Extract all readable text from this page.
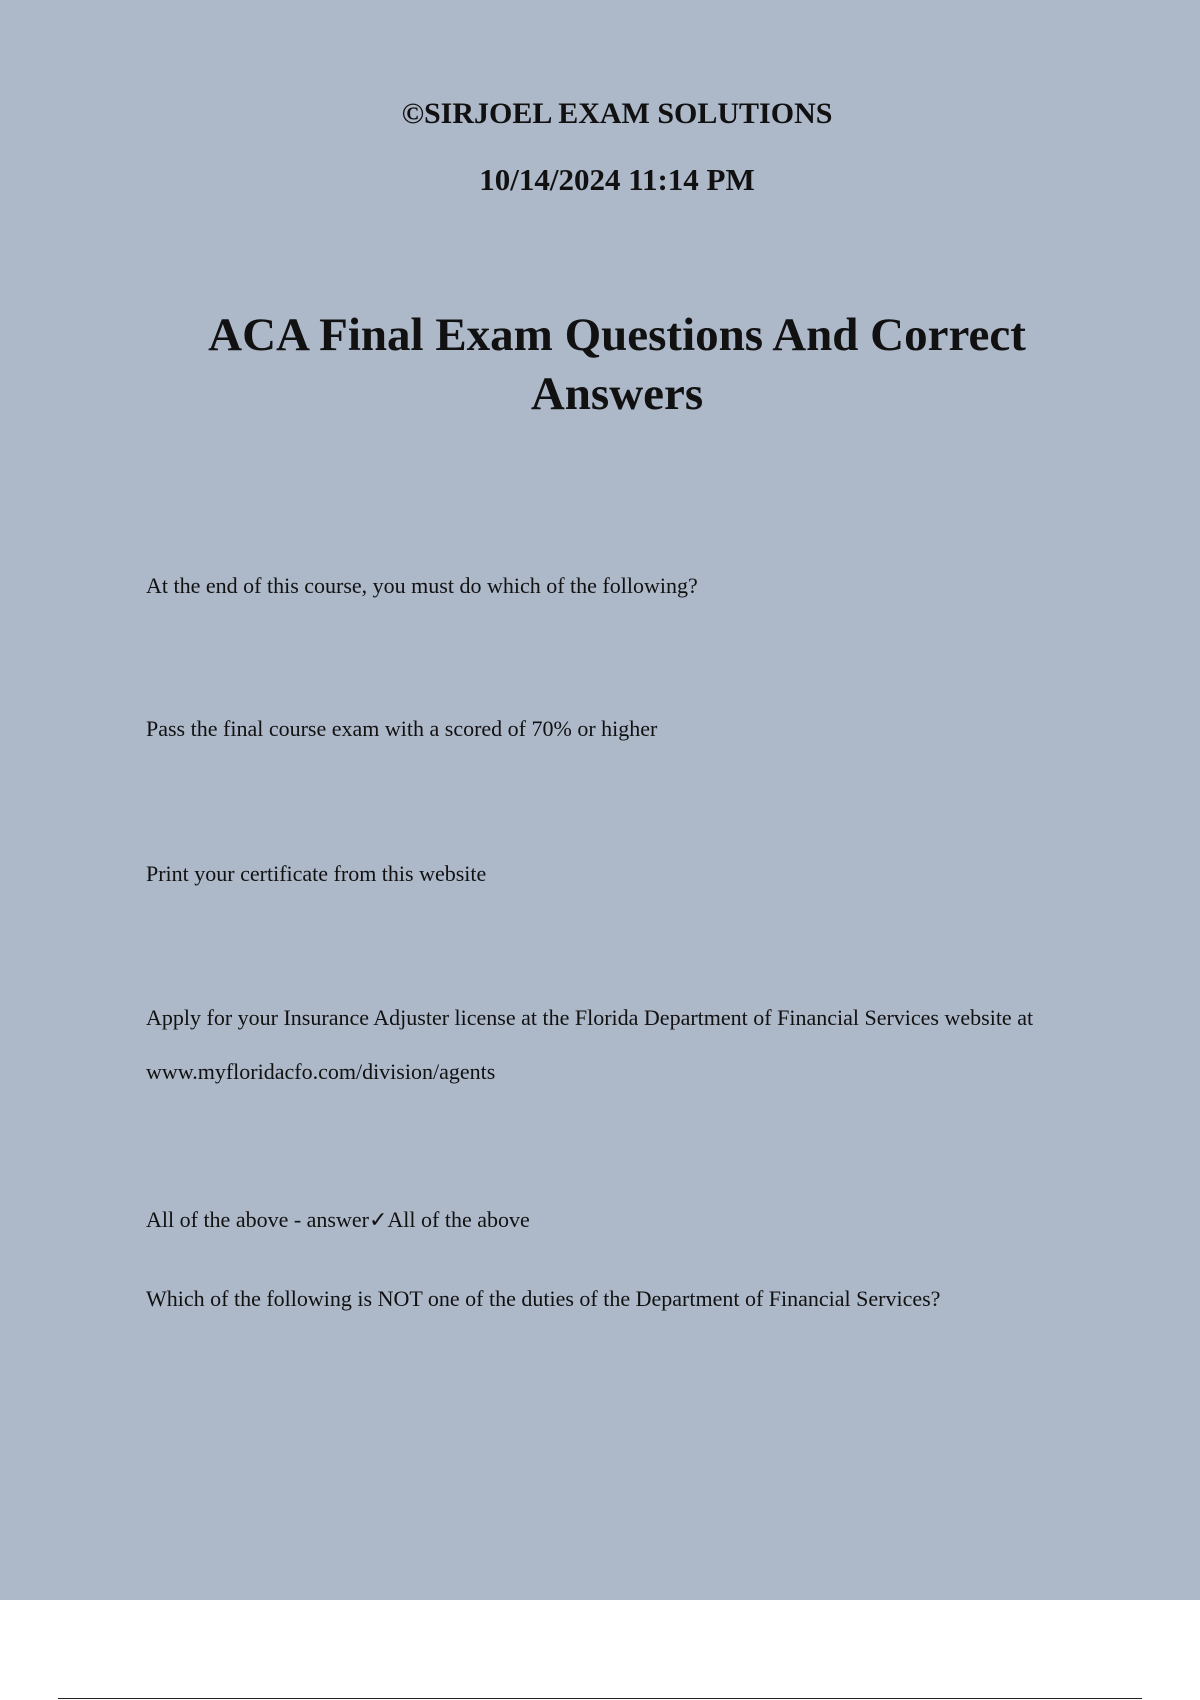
©SIRJOEL EXAM SOLUTIONS

10/14/2024 11:14 PM

ACA Final Exam Questions And Correct Answers

At the end of this course, you must do which of the following?

Pass the final course exam with a scored of 70% or higher

Print your certificate from this website

Apply for your Insurance Adjuster license at the Florida Department of Financial Services website at www.myfloridacfo.com/division/agents

All of the above - answer✓All of the above

Which of the following is NOT one of the duties of the Department of Financial Services?
